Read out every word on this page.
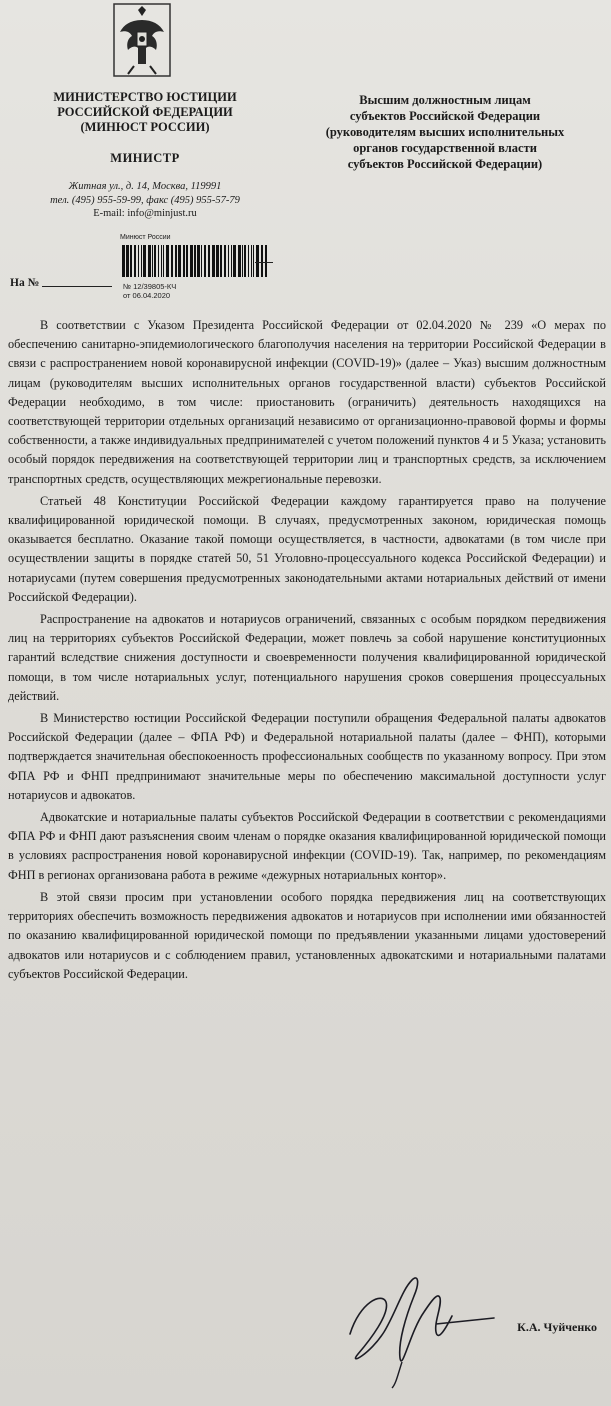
МИНИСТЕРСТВО ЮСТИЦИИ
РОССИЙСКОЙ ФЕДЕРАЦИИ
(МИНЮСТ РОССИИ)
МИНИСТР
Житная ул., д. 14, Москва, 119991
тел. (495) 955-59-99, факс (495) 955-57-79
E-mail: info@minjust.ru
Высшим должностным лицам
субъектов Российской Федерации
(руководителям высших исполнительных
органов государственной власти
субъектов Российской Федерации)
Минюст России
№ 12/39805-КЧ
от 06.04.2020
На №

В соответствии с Указом Президента Российской Федерации от 02.04.2020 № 239 «О мерах по обеспечению санитарно-эпидемиологического благополучия населения на территории Российской Федерации в связи с распространением новой коронавирусной инфекции (COVID-19)» (далее – Указ) высшим должностным лицам (руководителям высших исполнительных органов государственной власти) субъектов Российской Федерации необходимо, в том числе: приостановить (ограничить) деятельность находящихся на соответствующей территории отдельных организаций независимо от организационно-правовой формы и формы собственности, а также индивидуальных предпринимателей с учетом положений пунктов 4 и 5 Указа; установить особый порядок передвижения на соответствующей территории лиц и транспортных средств, за исключением транспортных средств, осуществляющих межрегиональные перевозки.

Статьей 48 Конституции Российской Федерации каждому гарантируется право на получение квалифицированной юридической помощи. В случаях, предусмотренных законом, юридическая помощь оказывается бесплатно. Оказание такой помощи осуществляется, в частности, адвокатами (в том числе при осуществлении защиты в порядке статей 50, 51 Уголовно-процессуального кодекса Российской Федерации) и нотариусами (путем совершения предусмотренных законодательными актами нотариальных действий от имени Российской Федерации).

Распространение на адвокатов и нотариусов ограничений, связанных с особым порядком передвижения лиц на территориях субъектов Российской Федерации, может повлечь за собой нарушение конституционных гарантий вследствие снижения доступности и своевременности получения квалифицированной юридической помощи, в том числе нотариальных услуг, потенциального нарушения сроков совершения процессуальных действий.

В Министерство юстиции Российской Федерации поступили обращения Федеральной палаты адвокатов Российской Федерации (далее – ФПА РФ) и Федеральной нотариальной палаты (далее – ФНП), которыми подтверждается значительная обеспокоенность профессиональных сообществ по указанному вопросу. При этом ФПА РФ и ФНП предпринимают значительные меры по обеспечению максимальной доступности услуг нотариусов и адвокатов.

Адвокатские и нотариальные палаты субъектов Российской Федерации в соответствии с рекомендациями ФПА РФ и ФНП дают разъяснения своим членам о порядке оказания квалифицированной юридической помощи в условиях распространения новой коронавирусной инфекции (COVID-19). Так, например, по рекомендациям ФНП в регионах организована работа в режиме «дежурных нотариальных контор».

В этой связи просим при установлении особого порядка передвижения лиц на соответствующих территориях обеспечить возможность передвижения адвокатов и нотариусов при исполнении ими обязанностей по оказанию квалифицированной юридической помощи по предъявлении указанными лицами удостоверений адвокатов или нотариусов и с соблюдением правил, установленных адвокатскими и нотариальными палатами субъектов Российской Федерации.

К.А. Чуйченко
